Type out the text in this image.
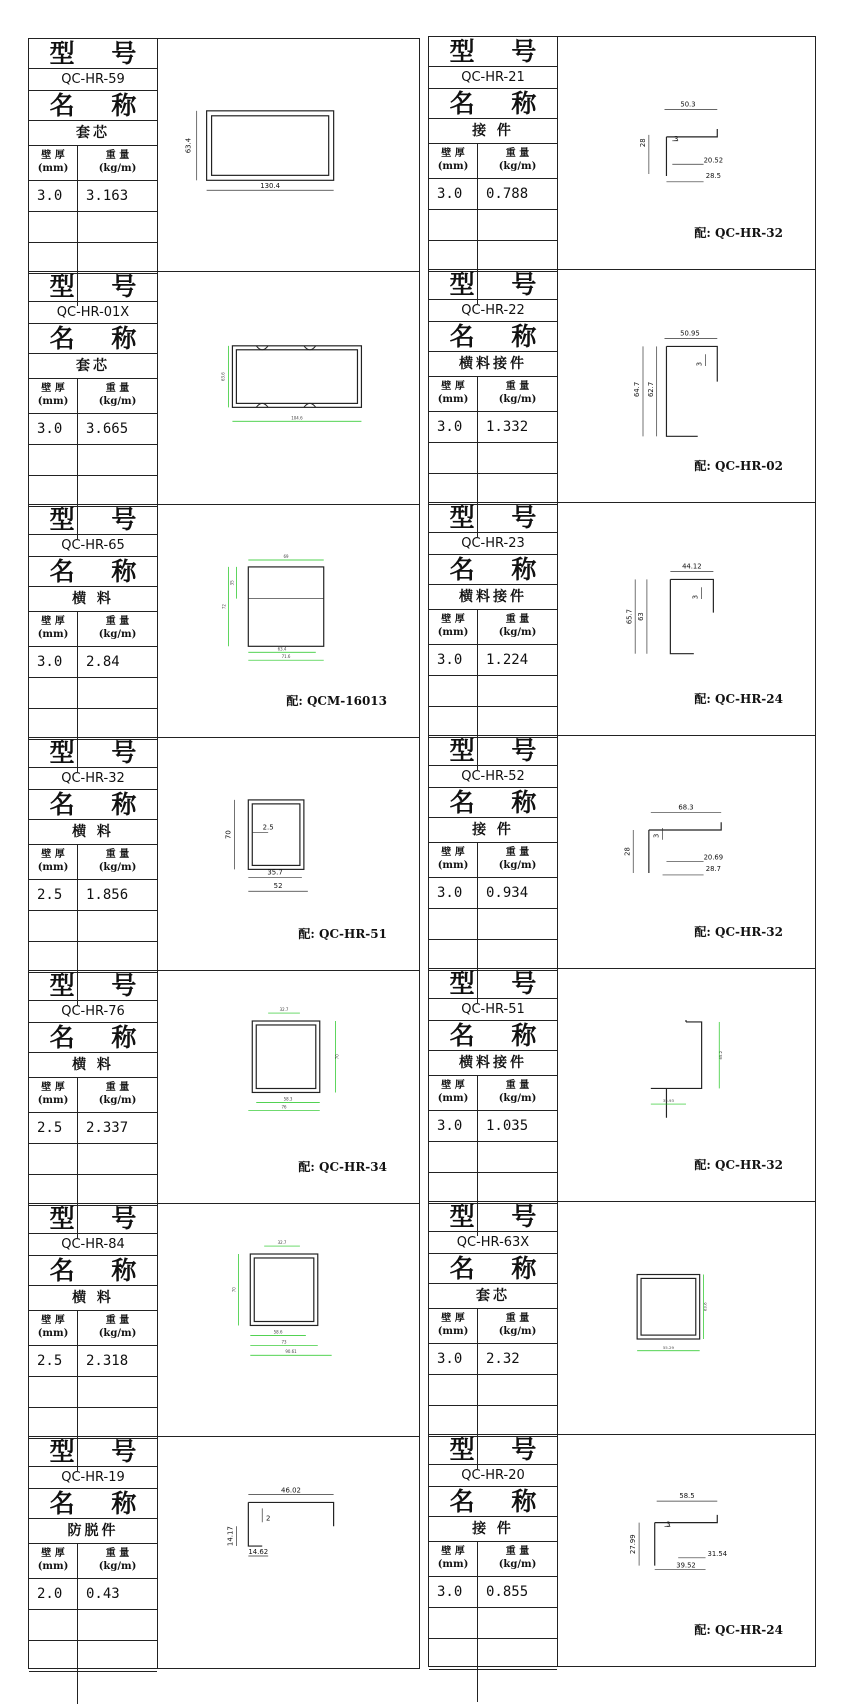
型 号
QC-HR-59
名 称
套芯
壁 厚
(mm)
重 量
(kg/m)
3.0	3.163
63.4
130.4
型 号
QC-HR-01X
名 称
套芯
壁 厚
(mm)
重 量
(kg/m)
3.0	3.665
63.6
104.6
型 号
QC-HR-65
名 称
横 料
壁 厚
(mm)
重 量
(kg/m)
3.0	2.84
69
35
72
63.4
71.6
配: QCM-16013
型 号
QC-HR-32
名 称
横 料
壁 厚
(mm)
重 量
(kg/m)
2.5	1.856
70
2.5
35.7
52
配: QC-HR-51
型 号
QC-HR-76
名 称
横 料
壁 厚
(mm)
重 量
(kg/m)
2.5	2.337
32.7
70
58.3
76
配: QC-HR-34
型 号
QC-HR-84
名 称
横 料
壁 厚
(mm)
重 量
(kg/m)
2.5	2.318
32.7
70
58.6
73
90.61
型 号
QC-HR-19
名 称
防脱件
壁 厚
(mm)
重 量
(kg/m)
2.0	0.43
46.02
2
14.17
14.62
型 号
QC-HR-21
名 称
接 件
壁 厚
(mm)
重 量
(kg/m)
3.0	0.788
50.3
3
28
20.52
28.5
配: QC-HR-32
型 号
QC-HR-22
名 称
横料接件
壁 厚
(mm)
重 量
(kg/m)
3.0	1.332
50.95
3
64.7 62.7
配: QC-HR-02
型 号
QC-HR-23
名 称
横料接件
壁 厚
(mm)
重 量
(kg/m)
3.0	1.224
44.12
3
65.7 63
配: QC-HR-24
型 号
QC-HR-52
名 称
接 件
壁 厚
(mm)
重 量
(kg/m)
3.0	0.934
68.3
3
28
20.69
28.7
配: QC-HR-32
型 号
QC-HR-51
名 称
横料接件
壁 厚
(mm)
重 量
(kg/m)
3.0	1.035
65.2
35.93
配: QC-HR-32
型 号
QC-HR-63X
名 称
套芯
壁 厚
(mm)
重 量
(kg/m)
3.0	2.32
63.6
55.29
型 号
QC-HR-20
名 称
接 件
壁 厚
(mm)
重 量
(kg/m)
3.0	0.855
58.5
3
27.99	31.54
39.52
配: QC-HR-24
